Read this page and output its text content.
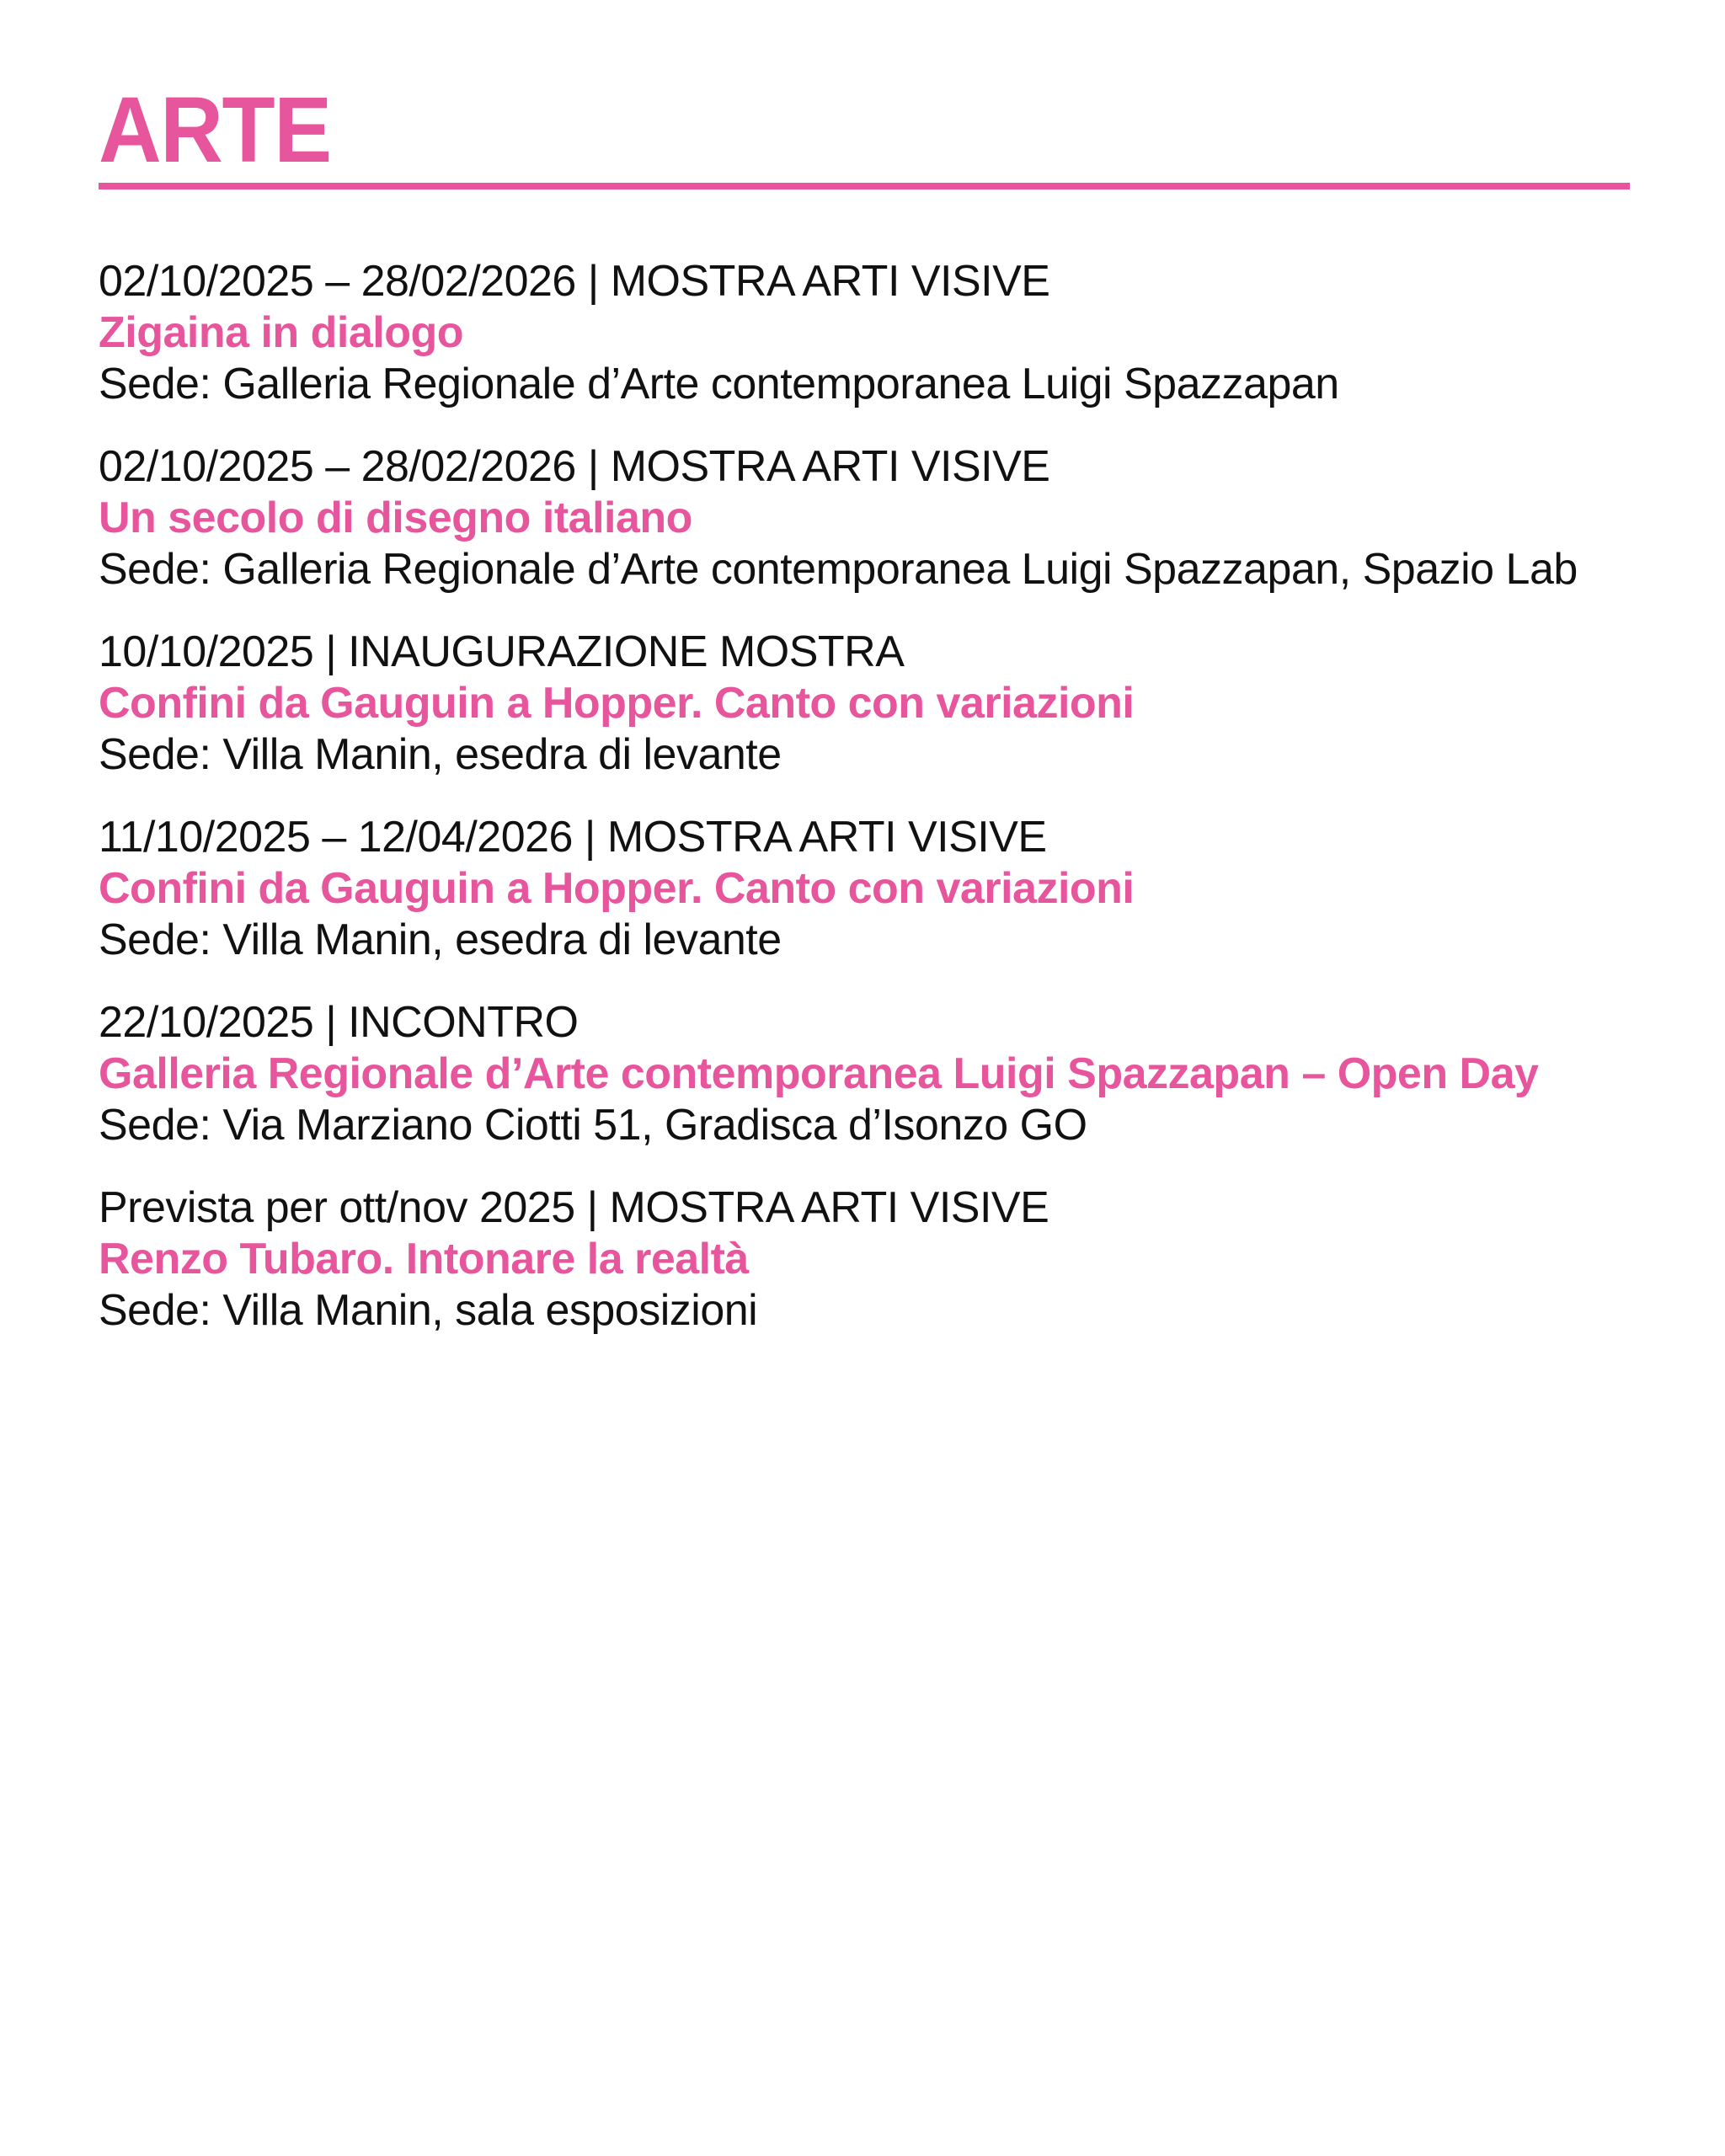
ARTE

02/10/2025 – 28/02/2026 | MOSTRA ARTI VISIVE

Zigaina in dialogo

Sede: Galleria Regionale d’Arte contemporanea Luigi Spazzapan

02/10/2025 – 28/02/2026 | MOSTRA ARTI VISIVE

Un secolo di disegno italiano

Sede: Galleria Regionale d’Arte contemporanea Luigi Spazzapan, Spazio Lab

10/10/2025 | INAUGURAZIONE MOSTRA

Confini da Gauguin a Hopper. Canto con variazioni

Sede: Villa Manin, esedra di levante

11/10/2025 – 12/04/2026 | MOSTRA ARTI VISIVE

Confini da Gauguin a Hopper. Canto con variazioni

Sede: Villa Manin, esedra di levante

22/10/2025 | INCONTRO

Galleria Regionale d’Arte contemporanea Luigi Spazzapan – Open Day

Sede: Via Marziano Ciotti 51, Gradisca d’Isonzo GO

Prevista per ott/nov 2025 | MOSTRA ARTI VISIVE

Renzo Tubaro. Intonare la realtà

Sede: Villa Manin, sala esposizioni
